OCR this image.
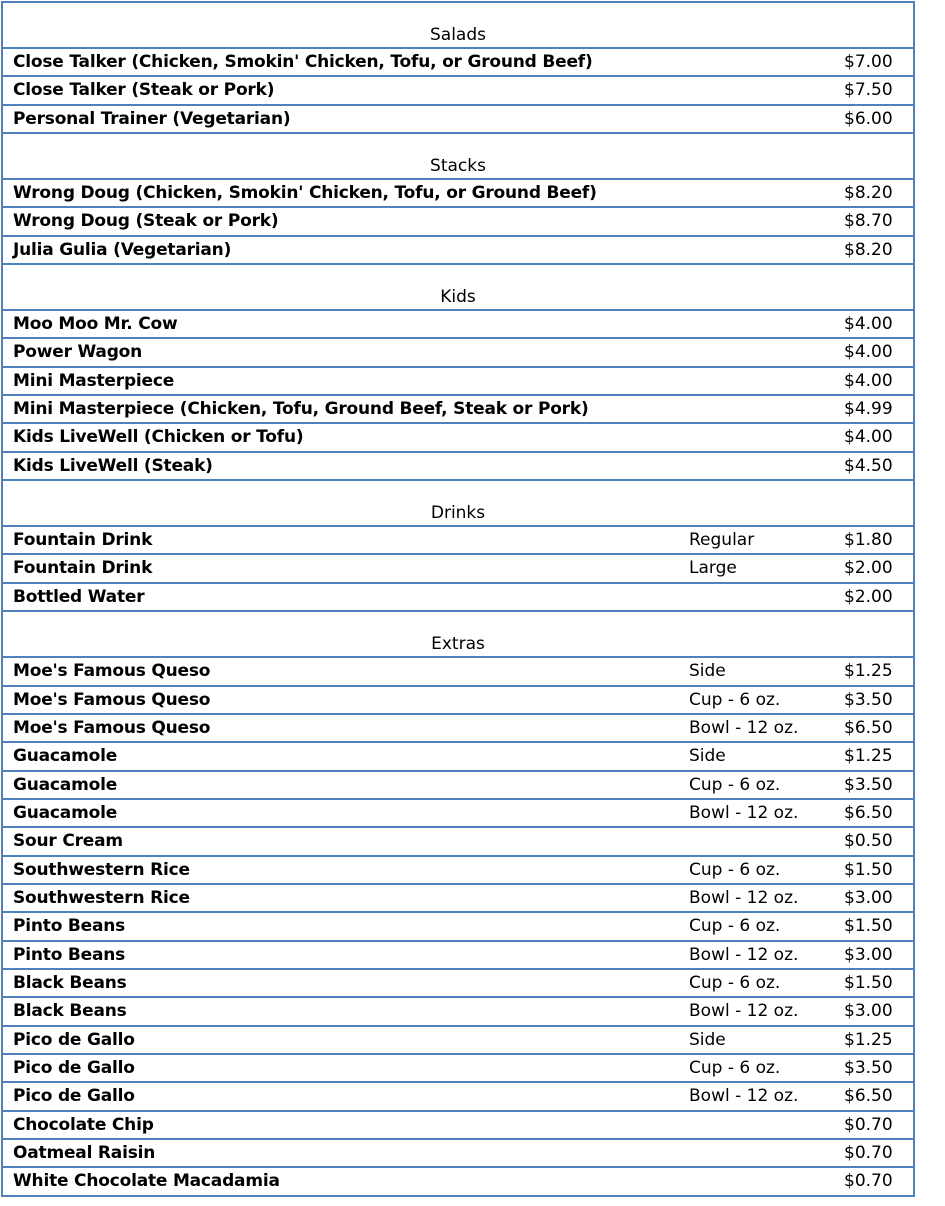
Salads
Close Talker (Chicken, Smokin' Chicken, Tofu, or Ground Beef)	$7.00
Close Talker (Steak or Pork)	$7.50
Personal Trainer (Vegetarian)	$6.00
Stacks
Wrong Doug (Chicken, Smokin' Chicken, Tofu, or Ground Beef)	$8.20
Wrong Doug (Steak or Pork)	$8.70
Julia Gulia (Vegetarian)	$8.20
Kids
Moo Moo Mr. Cow	$4.00
Power Wagon	$4.00
Mini Masterpiece	$4.00
Mini Masterpiece (Chicken, Tofu, Ground Beef, Steak or Pork)	$4.99
Kids LiveWell (Chicken or Tofu)	$4.00
Kids LiveWell (Steak)	$4.50
Drinks
Fountain Drink	Regular	$1.80
Fountain Drink	Large	$2.00
Bottled Water	$2.00
Extras
Moe's Famous Queso	Side	$1.25
Moe's Famous Queso	Cup - 6 oz.	$3.50
Moe's Famous Queso	Bowl - 12 oz.	$6.50
Guacamole	Side	$1.25
Guacamole	Cup - 6 oz.	$3.50
Guacamole	Bowl - 12 oz.	$6.50
Sour Cream	$0.50
Southwestern Rice	Cup - 6 oz.	$1.50
Southwestern Rice	Bowl - 12 oz.	$3.00
Pinto Beans	Cup - 6 oz.	$1.50
Pinto Beans	Bowl - 12 oz.	$3.00
Black Beans	Cup - 6 oz.	$1.50
Black Beans	Bowl - 12 oz.	$3.00
Pico de Gallo	Side	$1.25
Pico de Gallo	Cup - 6 oz.	$3.50
Pico de Gallo	Bowl - 12 oz.	$6.50
Chocolate Chip	$0.70
Oatmeal Raisin	$0.70
White Chocolate Macadamia	$0.70
